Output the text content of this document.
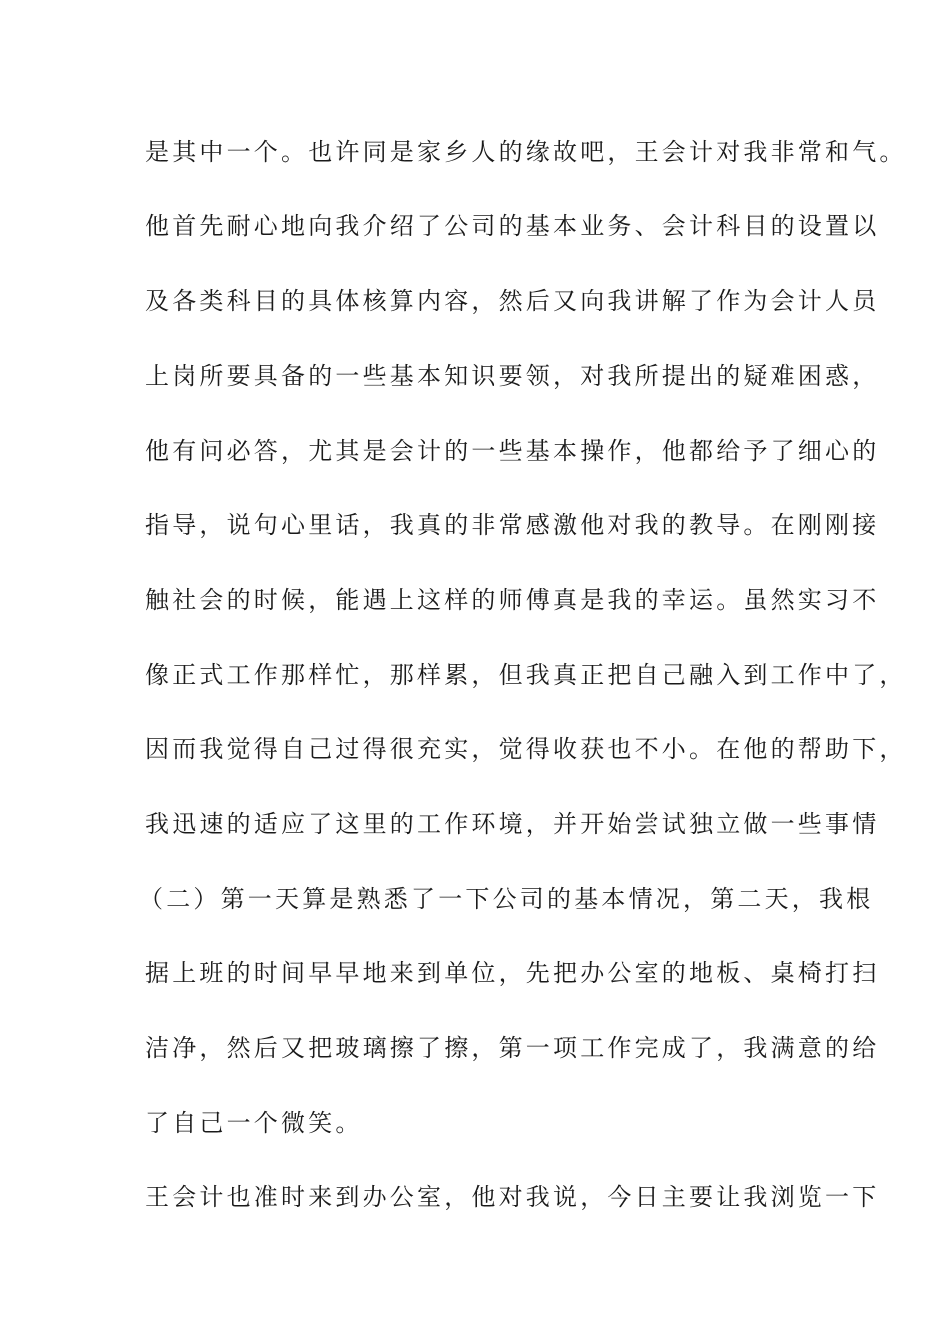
是其中一个。也许同是家乡人的缘故吧，王会计对我非常和气。
他首先耐心地向我介绍了公司的基本业务、会计科目的设置以
及各类科目的具体核算内容，然后又向我讲解了作为会计人员
上岗所要具备的一些基本知识要领，对我所提出的疑难困惑，
他有问必答，尤其是会计的一些基本操作，他都给予了细心的
指导，说句心里话，我真的非常感激他对我的教导。在刚刚接
触社会的时候，能遇上这样的师傅真是我的幸运。虽然实习不
像正式工作那样忙，那样累，但我真正把自己融入到工作中了，
因而我觉得自己过得很充实，觉得收获也不小。在他的帮助下，
我迅速的适应了这里的工作环境，并开始尝试独立做一些事情
（二）第一天算是熟悉了一下公司的基本情况，第二天，我根
据上班的时间早早地来到单位，先把办公室的地板、桌椅打扫
洁净，然后又把玻璃擦了擦，第一项工作完成了，我满意的给
了自己一个微笑。
王会计也准时来到办公室，他对我说，今日主要让我浏览一下
